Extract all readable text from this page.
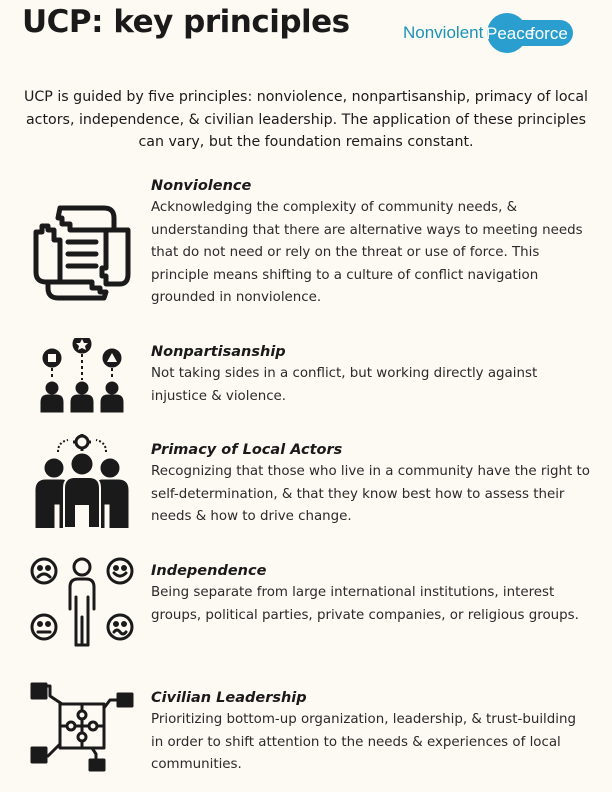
UCP: key principles	Nonviolent Peace
force

UCP is guided by five principles: nonviolence, nonpartisanship, primacy of local actors, independence, & civilian leadership. The application of these principles can vary, but the foundation remains constant.

Nonviolence

Acknowledging the complexity of community needs, & understanding that there are alternative ways to meeting needs that do not need or rely on the threat or use of force. This principle means shifting to a culture of conflict navigation grounded in nonviolence.

Nonpartisanship

Not taking sides in a conflict, but working directly against injustice & violence.

Primacy of Local Actors

Recognizing that those who live in a community have the right to self-determination, & that they know best how to assess their needs & how to drive change.

Independence

Being separate from large international institutions, interest groups, political parties, private companies, or religious groups.

Civilian Leadership

Prioritizing bottom-up organization, leadership, & trust-building in order to shift attention to the needs & experiences of local communities.
